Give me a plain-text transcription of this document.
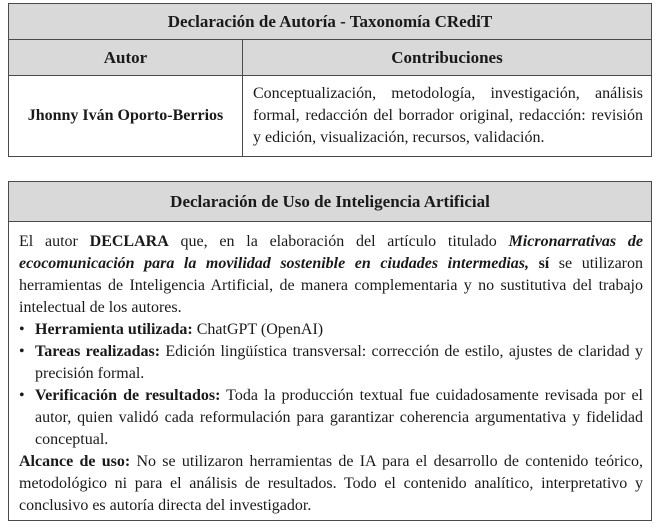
Declaración de Autoría - Taxonomía CRediT
Autor	Contribuciones
Jhonny Iván Oporto-Berrios
Conceptualización, metodología, investigación, análisis formal, redacción del borrador original, redacción: revisión y edición, visualización, recursos, validación.
Declaración de Uso de Inteligencia Artificial

El autor DECLARA que, en la elaboración del artículo titulado Micronarrativas de ecocomunicación para la movilidad sostenible en ciudades intermedias, sí se utilizaron herramientas de Inteligencia Artificial, de manera complementaria y no sustitutiva del trabajo intelectual de los autores.

• Herramienta utilizada: ChatGPT (OpenAI)
• Tareas realizadas: Edición lingüística transversal: corrección de estilo, ajustes de claridad y precisión formal.
• Verificación de resultados: Toda la producción textual fue cuidadosamente revisada por el autor, quien validó cada reformulación para garantizar coherencia argumentativa y fidelidad conceptual.

Alcance de uso: No se utilizaron herramientas de IA para el desarrollo de contenido teórico, metodológico ni para el análisis de resultados. Todo el contenido analítico, interpretativo y conclusivo es autoría directa del investigador.
